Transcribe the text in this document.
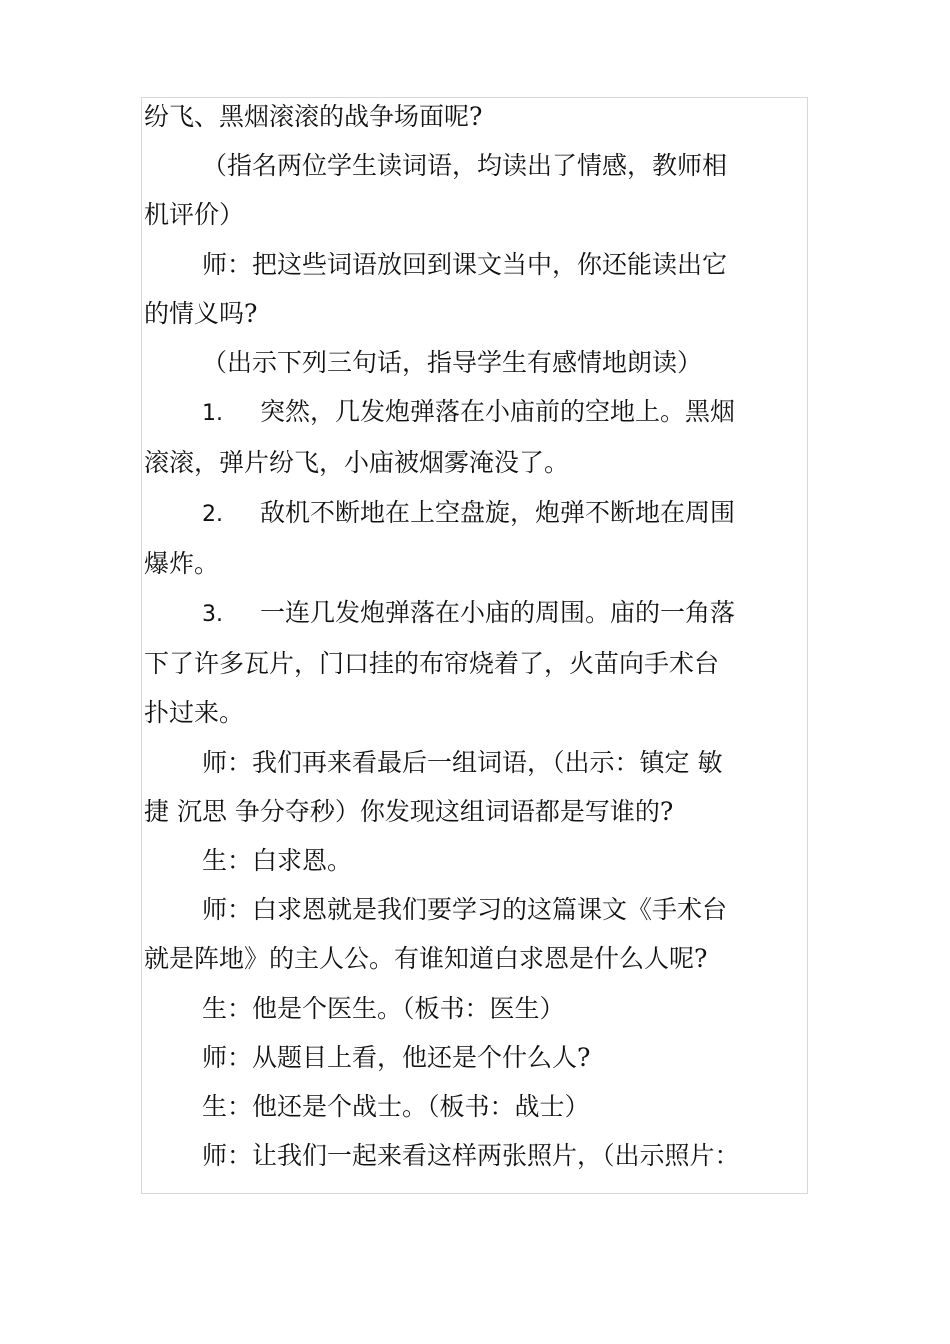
纷飞、黑烟滚滚的战争场面呢?

（指名两位学生读词语，均读出了情感，教师相

机评价）

师：把这些词语放回到课文当中，你还能读出它

的情义吗?

（出示下列三句话，指导学生有感情地朗读）

1. 突然，几发炮弹落在小庙前的空地上。黑烟

滚滚，弹片纷飞，小庙被烟雾淹没了。

2. 敌机不断地在上空盘旋，炮弹不断地在周围

爆炸。

3. 一连几发炮弹落在小庙的周围。庙的一角落

下了许多瓦片，门口挂的布帘烧着了，火苗向手术台

扑过来。

师：我们再来看最后一组词语，（出示：镇定 敏

捷 沉思 争分夺秒）你发现这组词语都是写谁的?

生：白求恩。

师：白求恩就是我们要学习的这篇课文《手术台

就是阵地》的主人公。有谁知道白求恩是什么人呢?

生：他是个医生。（板书：医生）

师：从题目上看，他还是个什么人?

生：他还是个战士。（板书：战士）

师：让我们一起来看这样两张照片，（出示照片：
